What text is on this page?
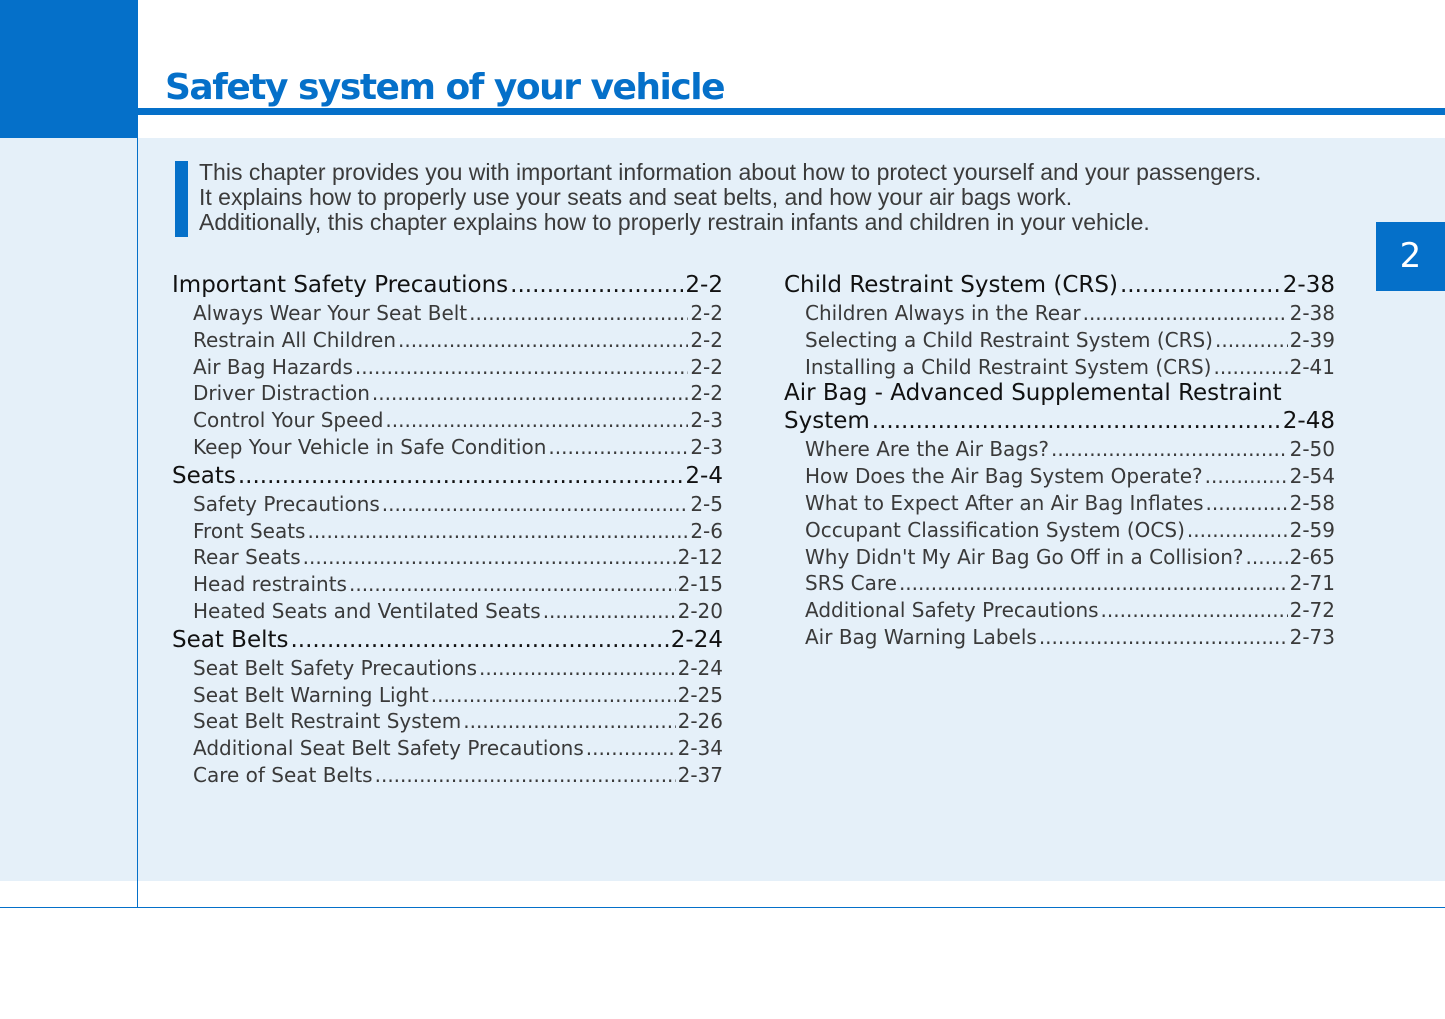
Safety system of your vehicle
2
This chapter provides you with important information about how to protect yourself and your passengers.
It explains how to properly use your seats and seat belts, and how your air bags work.
Additionally, this chapter explains how to properly restrain infants and children in your vehicle.
Important Safety Precautions .....	2-2
Always Wear Your Seat Belt .....	2-2
Restrain All Children .....	2-2
Air Bag Hazards .....	2-2
Driver Distraction .....	2-2
Control Your Speed .....	2-3
Keep Your Vehicle in Safe Condition .....	2-3
Seats .....	2-4
Safety Precautions .....	2-5
Front Seats .....	2-6
Rear Seats .....	2-12
Head restraints .....	2-15
Heated Seats and Ventilated Seats .....	2-20
Seat Belts .....	2-24
Seat Belt Safety Precautions .....	2-24
Seat Belt Warning Light .....	2-25
Seat Belt Restraint System .....	2-26
Additional Seat Belt Safety Precautions .....	2-34
Care of Seat Belts .....	2-37
Child Restraint System (CRS) .....	2-38
Children Always in the Rear .....	2-38
Selecting a Child Restraint System (CRS) .....	2-39
Installing a Child Restraint System (CRS) .....	2-41
Air Bag - Advanced Supplemental Restraint
System .....	2-48
Where Are the Air Bags? .....	2-50
How Does the Air Bag System Operate? .....	2-54
What to Expect After an Air Bag Inflates .....	2-58
Occupant Classification System (OCS) .....	2-59
Why Didn't My Air Bag Go Off in a Collision? ..... 2-65
SRS Care .....	2-71
Additional Safety Precautions .....	2-72
Air Bag Warning Labels .....	2-73
